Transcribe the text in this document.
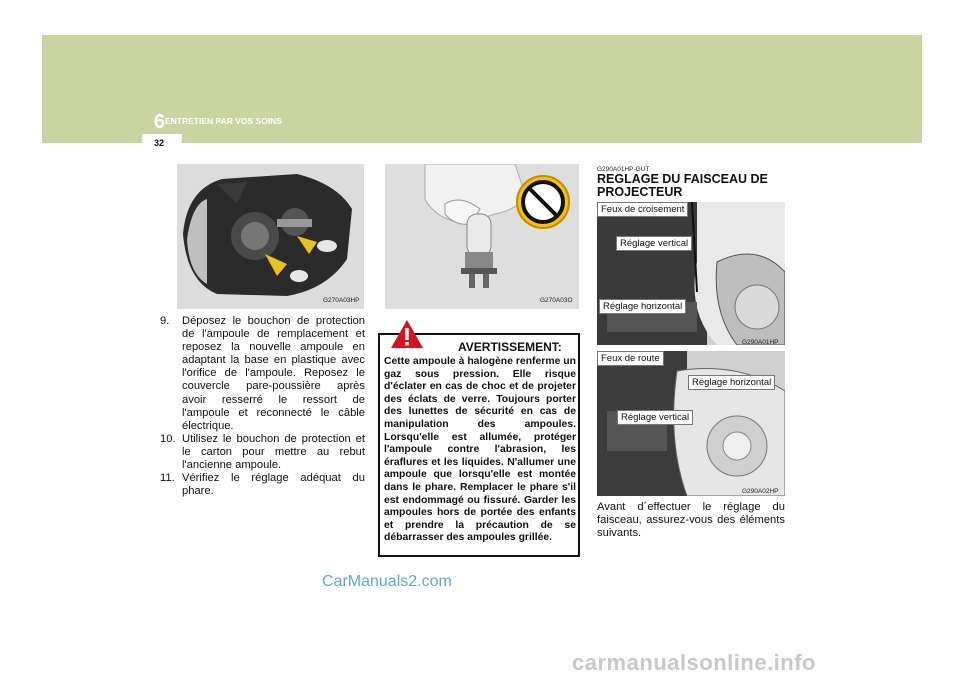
6 ENTRETIEN PAR VOS SOINS
32
G270A03HP	G270A03O
9.	Déposez le bouchon de protection de l'ampoule de remplacement et reposez la nouvelle ampoule en adaptant la base en plastique avec l'orifice de l'ampoule. Reposez le couvercle pare-poussière après avoir resserré le ressort de l'ampoule et reconnecté le câble électrique.
10. Utilisez le bouchon de protection et le carton pour mettre au rebut l'ancienne ampoule.
11. Vérifiez le réglage adéquat du phare.
AVERTISSEMENT:
Cette ampoule à halogène renferme un gaz sous pression. Elle risque d'éclater en cas de choc et de projeter des éclats de verre. Toujours porter des lunettes de sécurité en cas de manipulation des ampoules. Lorsqu'elle est allumée, protéger l'ampoule contre l'abrasion, les éraflures et les liquides. N'allumer une ampoule que lorsqu'elle est montée dans le phare. Remplacer le phare s'il est endommagé ou fissuré. Garder les ampoules hors de portée des enfants et prendre la précaution de se débarrasser des ampoules grillée.
G290A01HP-GUT
REGLAGE DU FAISCEAU DE PROJECTEUR
Feux de croisement
Réglage vertical
Réglage horizontal
G290A01HP
Feux de route
Réglage horizontal
Réglage vertical
G290A02HP
Avant d´effectuer le réglage du faisceau, assurez-vous des éléments suivants.
CarManuals2.com
carmanualsonline.info
